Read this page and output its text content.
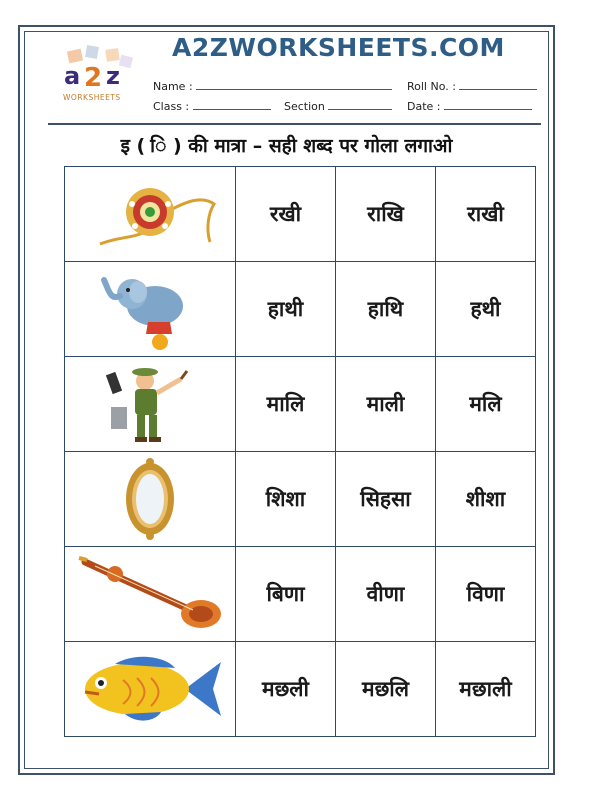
a 2 z
WORKSHEETS
A2ZWORKSHEETS.COM
Name :	Roll No. :
Class :	Section	Date :
इ ( ि ) की मात्रा – सही शब्द पर गोला लगाओ
	रखी	राखि	राखी

	हाथी	हाथि	हथी

	मालि	माली	मलि

	शिशा	सिहसा	शीशा

	बिणा	वीणा	विणा

	मछली	मछलि	मछाली
